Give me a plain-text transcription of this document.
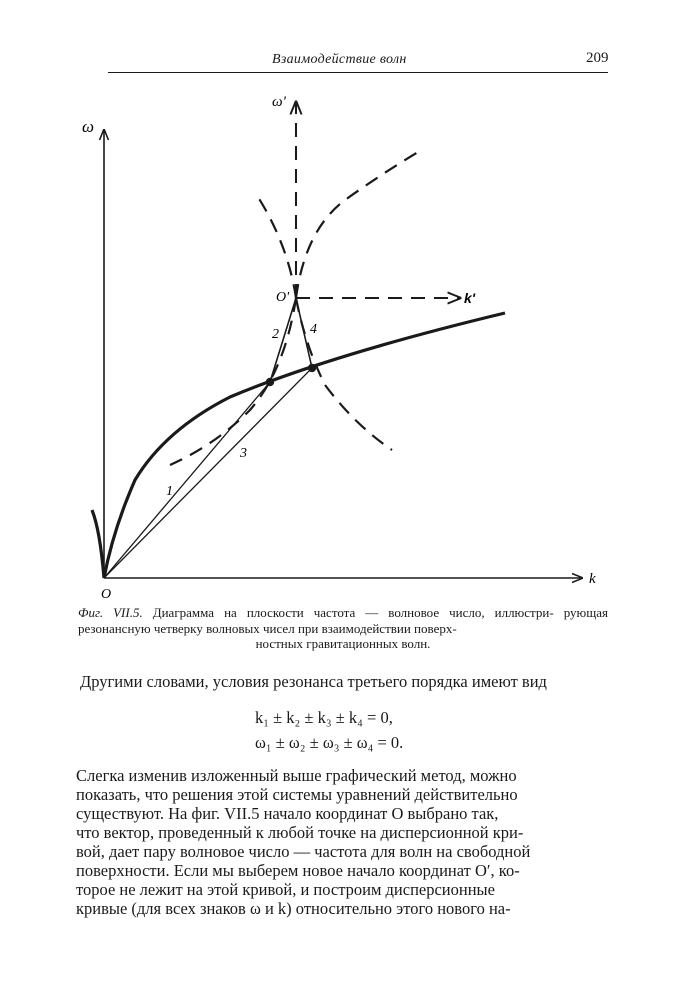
Взаимодействие волн	209
ω
ω'
k
k'
O
O'
1
2
3
4
Фиг. VII.5. Диаграмма на плоскости частота — волновое число, иллюстри- рующая резонансную четверку волновых чисел при взаимодействии поверх-
ностных гравитационных волн.
Другими словами, условия резонанса третьего порядка имеют вид
k₁ ± k₂ ± k₃ ± k₄ = 0,
ω₁ ± ω₂ ± ω₃ ± ω₄ = 0.
Слегка изменив изложенный выше графический метод, можно
показать, что решения этой системы уравнений действительно
существуют. На фиг. VII.5 начало координат O выбрано так,
что вектор, проведенный к любой точке на дисперсионной кри-
вой, дает пару волновое число — частота для волн на свободной
поверхности. Если мы выберем новое начало координат O′, ко-
торое не лежит на этой кривой, и построим дисперсионные
кривые (для всех знаков ω и k) относительно этого нового на-
